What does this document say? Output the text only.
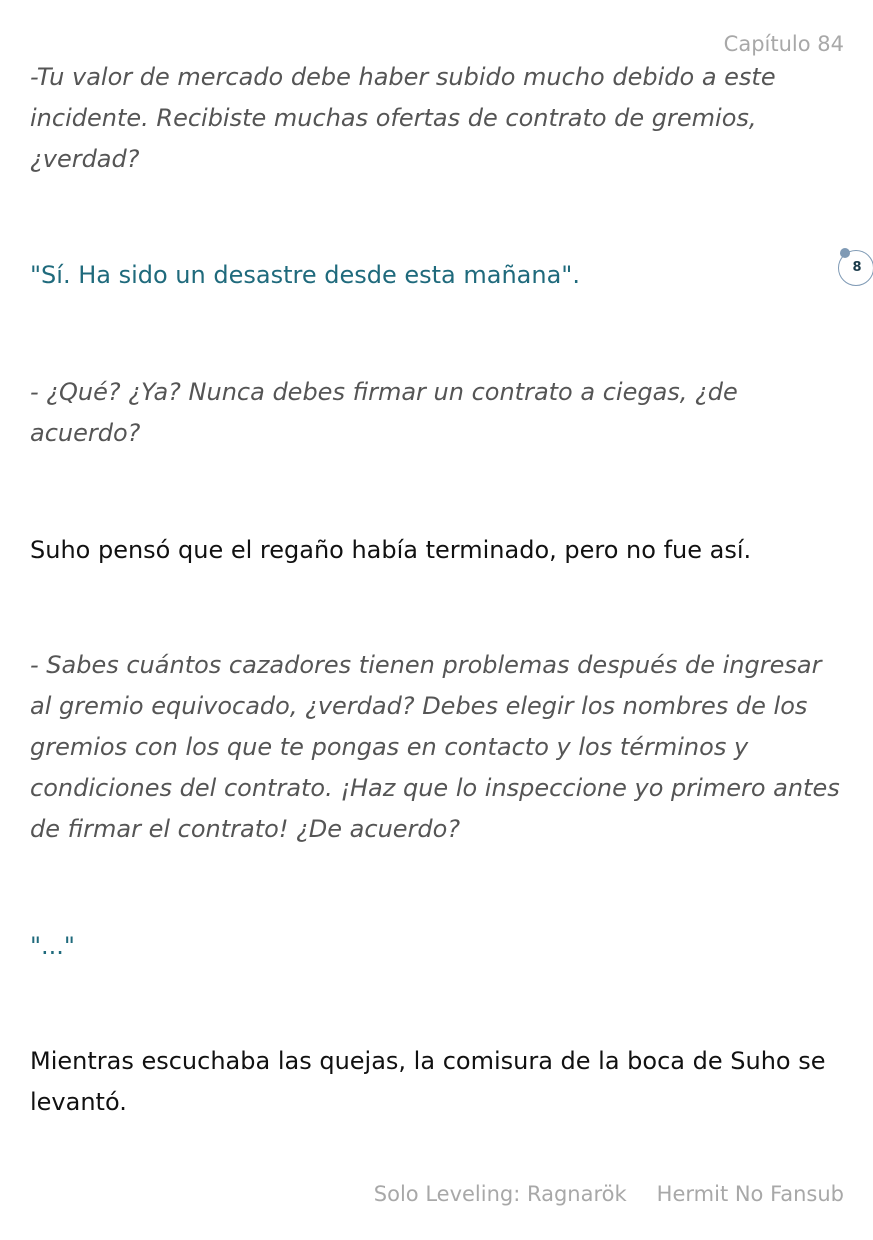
Capítulo 84

-Tu valor de mercado debe haber subido mucho debido a este incidente. Recibiste muchas ofertas de contrato de gremios, ¿verdad?

"Sí. Ha sido un desastre desde esta mañana".	8

- ¿Qué? ¿Ya? Nunca debes firmar un contrato a ciegas, ¿de acuerdo?

Suho pensó que el regaño había terminado, pero no fue así.

- Sabes cuántos cazadores tienen problemas después de ingresar al gremio equivocado, ¿verdad? Debes elegir los nombres de los gremios con los que te pongas en contacto y los términos y condiciones del contrato. ¡Haz que lo inspeccione yo primero antes de firmar el contrato! ¿De acuerdo?

"..."

Mientras escuchaba las quejas, la comisura de la boca de Suho se levantó.

Solo Leveling: Ragnarök Hermit No Fansub
